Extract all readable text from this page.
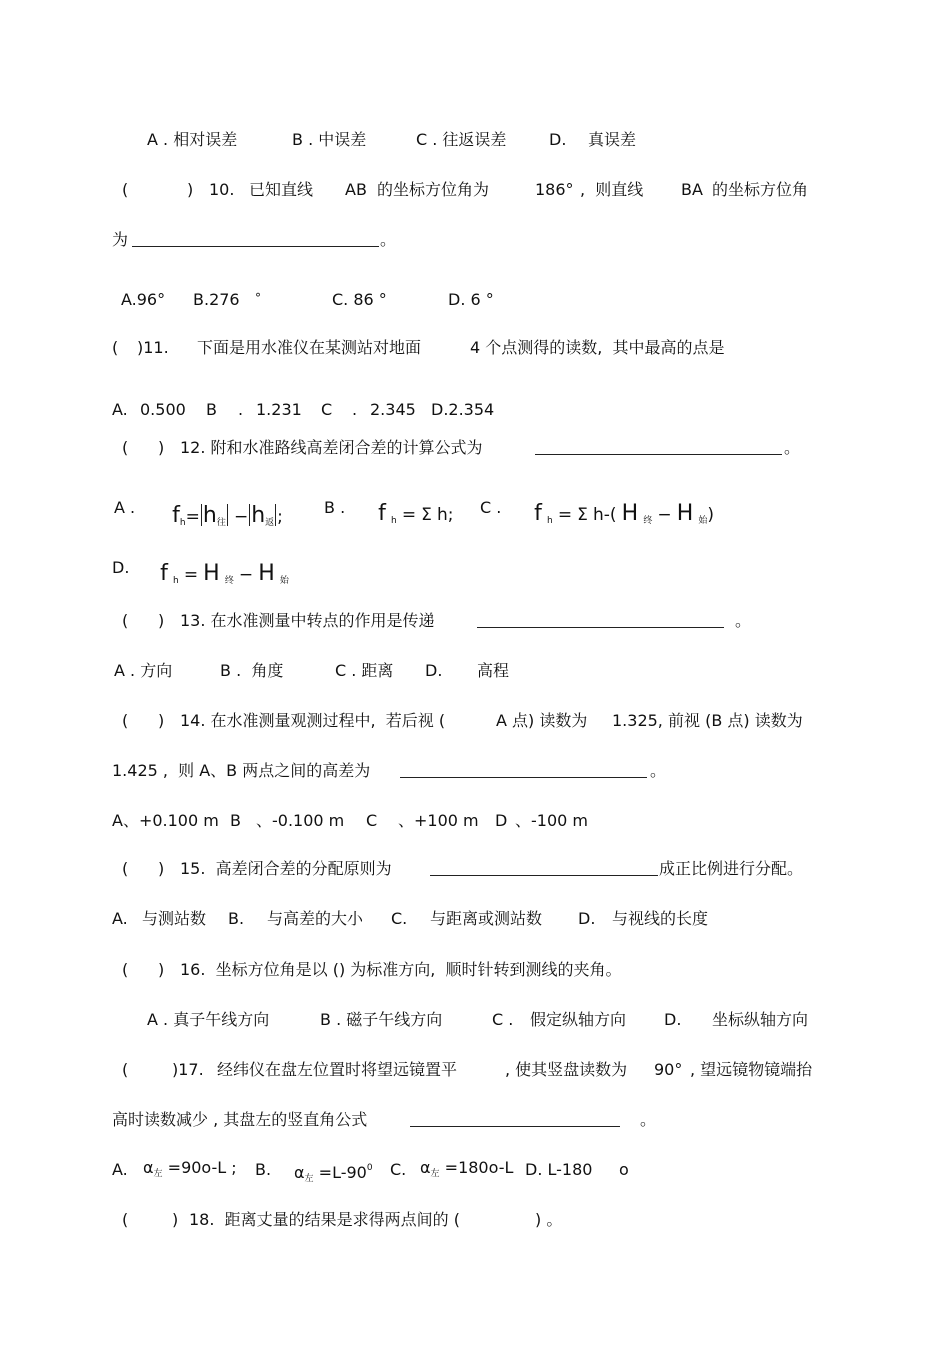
A . 相对误差	B . 中误差	C . 往返误差	D. 真误差
(	) 10. 已知直线 AB 的坐标方位角为	186° ,  则直线 BA 的坐标方位角
为	。
A.96° B.276 °	C. 86 °	D. 6 °
( )11. 下面是用水准仪在某测站对地面	4 个点测得的读数,  其中最高的点是
A. 0.500 B . 1.231 C . 2.345 D.2.354
( ) 12. 附和水准路线高差闭合差的计算公式为	。
A .	$f_h= h_往 - h_返$ ;	B .	f $_h$ = Σ h; C .	f $_h$ = Σ h-( H $_终$ − H $_始$)

D.	f $_h$ = H $_终$ − H $_始$

( ) 13. 在水准测量中转点的作用是传递	。
A . 方向	B .  角度	C . 距离 D. 高程
( ) 14. 在水准测量观测过程中,  若后视 (	A 点) 读数为 1.325, 前视 (B 点) 读数为
1.425 ,  则 A、B 两点之间的高差为	。
A、+0.100 m B 、-0.100 m C 、+100 m D 、-100 m
( ) 15.  高差闭合差的分配原则为	成正比例进行分配。
A. 与测站数 B. 与高差的大小 C. 与距离或测站数 D. 与视线的长度
( ) 16.  坐标方位角是以 () 为标准方向,  顺时针转到测线的夹角。
A . 真子午线方向	B . 磁子午线方向	C . 假定纵轴方向 D. 坐标纵轴方向
(	)17. 经纬仪在盘左位置时将望远镜置平	, 使其竖盘读数为 90° , 望远镜物镜端抬
高时读数减少 , 其盘左的竖直角公式	。
A. $\alpha_左 =90o-L$ ; B. $\alpha_左 =L-90^0$ C. $\alpha_左 =180o-L$ D. L-180 o
(	) 18.  距离丈量的结果是求得两点间的 (	) 。
